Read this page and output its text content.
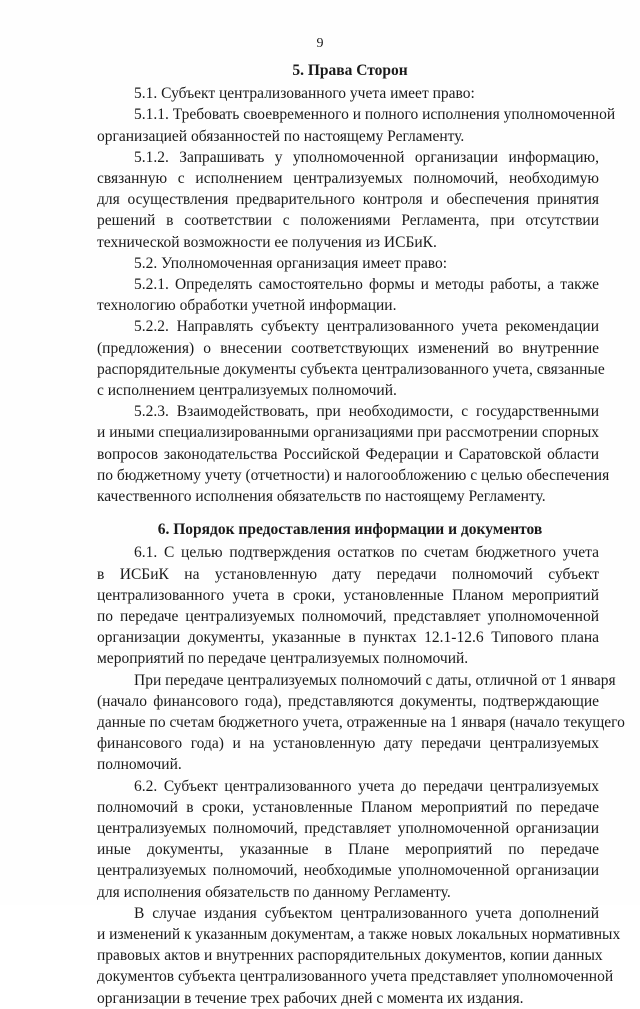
9
5. Права Сторон
5.1. Субъект централизованного учета имеет право:
5.1.1. Требовать своевременного и полного исполнения уполномоченной
организацией обязанностей по настоящему Регламенту.
5.1.2. Запрашивать у уполномоченной организации информацию,
связанную с исполнением централизуемых полномочий, необходимую
для осуществления предварительного контроля и обеспечения принятия
решений в соответствии с положениями Регламента, при отсутствии
технической возможности ее получения из ИСБиК.
5.2. Уполномоченная организация имеет право:
5.2.1. Определять самостоятельно формы и методы работы, а также
технологию обработки учетной информации.
5.2.2. Направлять субъекту централизованного учета рекомендации
(предложения) о внесении соответствующих изменений во внутренние
распорядительные документы субъекта централизованного учета, связанные
с исполнением централизуемых полномочий.
5.2.3. Взаимодействовать, при необходимости, с государственными
и иными специализированными организациями при рассмотрении спорных
вопросов законодательства Российской Федерации и Саратовской области
по бюджетному учету (отчетности) и налогообложению с целью обеспечения
качественного исполнения обязательств по настоящему Регламенту.
6. Порядок предоставления информации и документов
6.1. С целью подтверждения остатков по счетам бюджетного учета
в ИСБиК на установленную дату передачи полномочий субъект
централизованного учета в сроки, установленные Планом мероприятий
по передаче централизуемых полномочий, представляет уполномоченной
организации документы, указанные в пунктах 12.1-12.6 Типового плана
мероприятий по передаче централизуемых полномочий.
При передаче централизуемых полномочий с даты, отличной от 1 января
(начало финансового года), представляются документы, подтверждающие
данные по счетам бюджетного учета, отраженные на 1 января (начало текущего
финансового года) и на установленную дату передачи централизуемых
полномочий.
6.2. Субъект централизованного учета до передачи централизуемых
полномочий в сроки, установленные Планом мероприятий по передаче
централизуемых полномочий, представляет уполномоченной организации
иные документы, указанные в Плане мероприятий по передаче
централизуемых полномочий, необходимые уполномоченной организации
для исполнения обязательств по данному Регламенту.
В случае издания субъектом централизованного учета дополнений
и изменений к указанным документам, а также новых локальных нормативных
правовых актов и внутренних распорядительных документов, копии данных
документов субъекта централизованного учета представляет уполномоченной
организации в течение трех рабочих дней с момента их издания.
